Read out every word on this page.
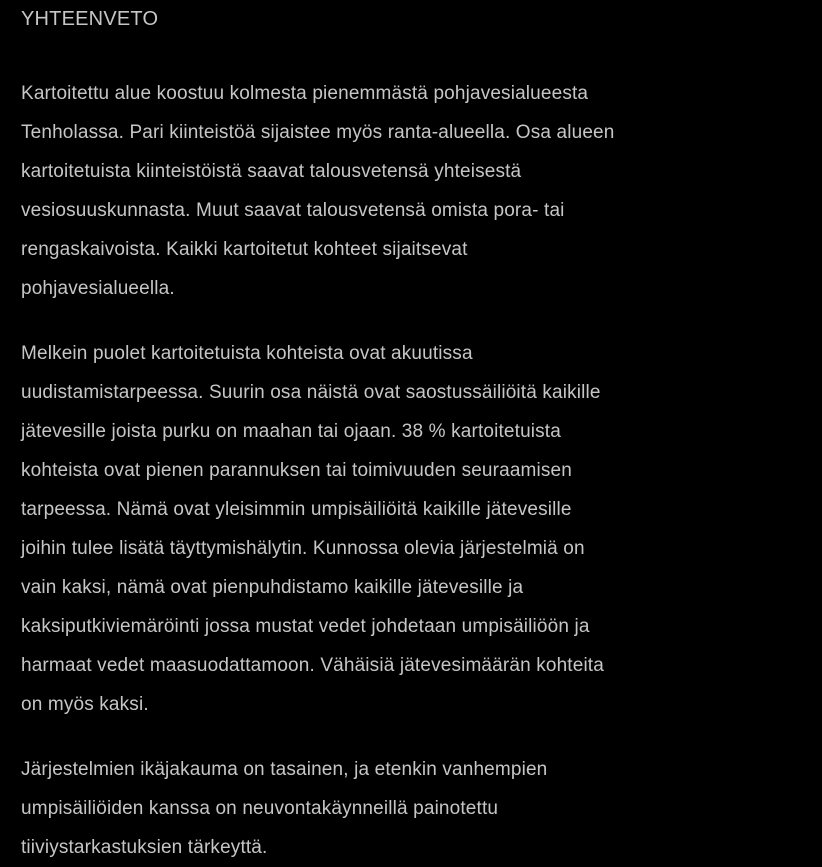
YHTEENVETO

Kartoitettu alue koostuu kolmesta pienemmästä pohjavesialueesta
Tenholassa. Pari kiinteistöä sijaistee myös ranta-alueella. Osa alueen
kartoitetuista kiinteistöistä saavat talousvetensä yhteisestä
vesiosuuskunnasta. Muut saavat talousvetensä omista pora- tai
rengaskaivoista. Kaikki kartoitetut kohteet sijaitsevat
pohjavesialueella.

Melkein puolet kartoitetuista kohteista ovat akuutissa
uudistamistarpeessa. Suurin osa näistä ovat saostussäiliöitä kaikille
jätevesille joista purku on maahan tai ojaan. 38 % kartoitetuista
kohteista ovat pienen parannuksen tai toimivuuden seuraamisen
tarpeessa. Nämä ovat yleisimmin umpisäiliöitä kaikille jätevesille
joihin tulee lisätä täyttymishälytin. Kunnossa olevia järjestelmiä on
vain kaksi, nämä ovat pienpuhdistamo kaikille jätevesille ja
kaksiputkiviemäröinti jossa mustat vedet johdetaan umpisäiliöön ja
harmaat vedet maasuodattamoon. Vähäisiä jätevesimäärän kohteita
on myös kaksi.

Järjestelmien ikäjakauma on tasainen, ja etenkin vanhempien
umpisäiliöiden kanssa on neuvontakäynneillä painotettu
tiiviystarkastuksien tärkeyttä.
